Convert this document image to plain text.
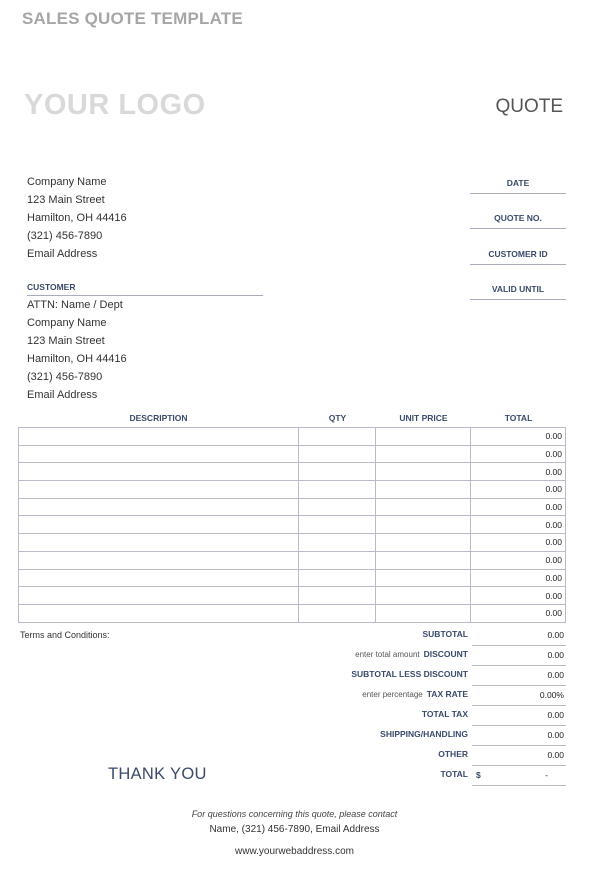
SALES QUOTE TEMPLATE
YOUR LOGO	QUOTE
Company Name
123 Main Street
Hamilton, OH 44416
(321) 456-7890
Email Address
DATE
QUOTE NO.
CUSTOMER ID
VALID UNTIL
CUSTOMER
ATTN: Name / Dept
Company Name
123 Main Street
Hamilton, OH 44416
(321) 456-7890
Email Address
DESCRIPTION	QTY	UNIT PRICE	TOTAL
			0.00
			0.00
			0.00
			0.00
			0.00
			0.00
			0.00
			0.00
			0.00
			0.00
			0.00
Terms and Conditions:	SUBTOTAL	0.00
enter total amount DISCOUNT	0.00
SUBTOTAL LESS DISCOUNT	0.00
enter percentage TAX RATE	0.00%
TOTAL TAX	0.00
SHIPPING/HANDLING	0.00
OTHER	0.00
TOTAL $	-
THANK YOU
For questions concerning this quote, please contact
Name, (321) 456-7890, Email Address
www.yourwebaddress.com
